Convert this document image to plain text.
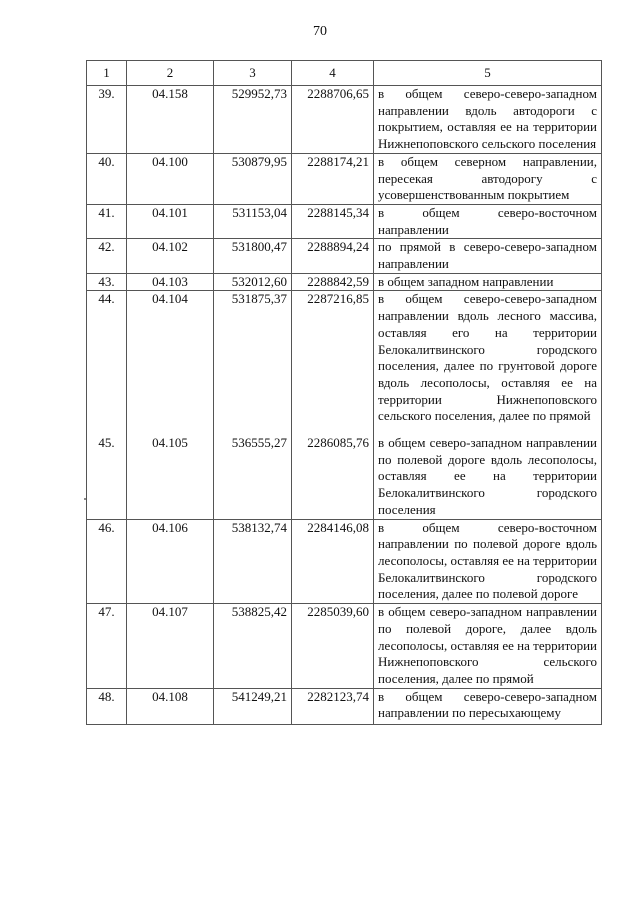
70
1	2	3	4	5
39.	04.158	529952,73	2288706,65	в общем северо-северо-западном направлении вдоль автодороги с покрытием, оставляя ее на территории Нижнепоповского сельского поселения
40.	04.100	530879,95	2288174,21	в общем северном направлении, пересекая автодорогу с усовершенствованным покрытием
41.	04.101	531153,04	2288145,34	в общем северо-восточном направлении
42.	04.102	531800,47	2288894,24	по прямой в северо-северо-западном направлении
43.	04.103	532012,60	2288842,59	в общем западном направлении
44.	04.104	531875,37	2287216,85	в общем северо-северо-западном направлении вдоль лесного массива, оставляя его на территории Белокалитвинского городского поселения, далее по грунтовой дороге вдоль лесополосы, оставляя ее на территории Нижнепоповского сельского поселения, далее по прямой
45.	04.105	536555,27	2286085,76	в общем северо-западном направлении по полевой дороге вдоль лесополосы, оставляя ее на территории Белокалитвинского городского поселения
46.	04.106	538132,74	2284146,08	в общем северо-восточном направлении по полевой дороге вдоль лесополосы, оставляя ее на территории Белокалитвинского городского поселения, далее по полевой дороге
47.	04.107	538825,42	2285039,60	в общем северо-западном направлении по полевой дороге, далее вдоль лесополосы, оставляя ее на территории Нижнепоповского сельского поселения, далее по прямой
48.	04.108	541249,21	2282123,74	в общем северо-северо-западном направлении по пересыхающему
